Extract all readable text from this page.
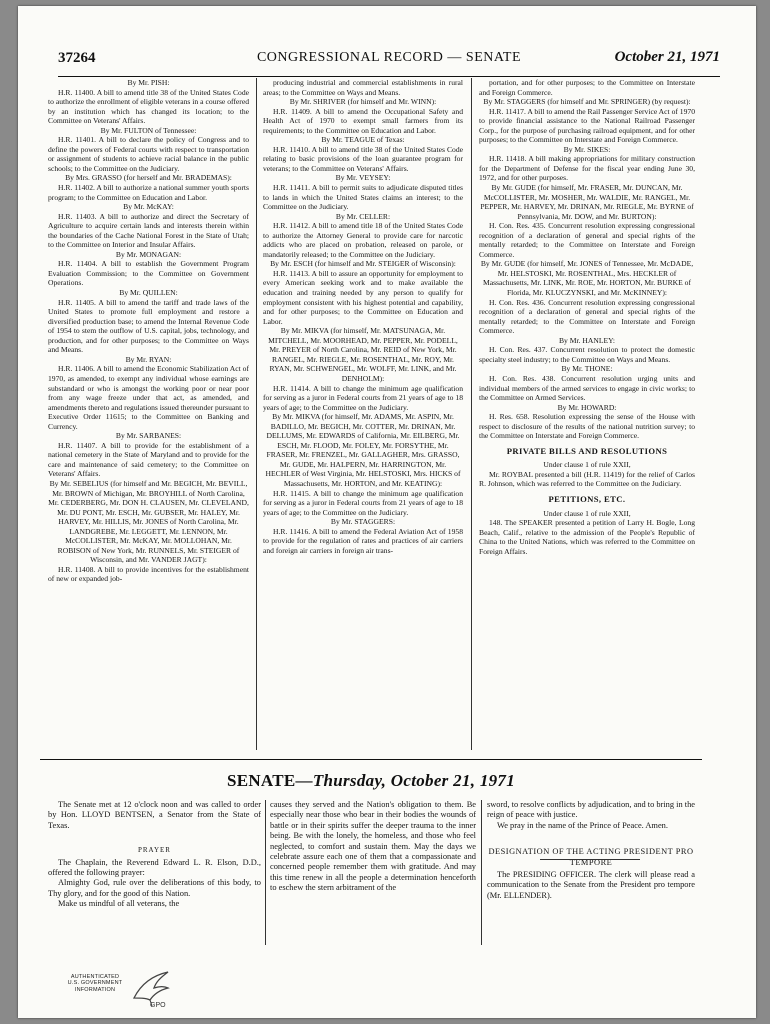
37264	CONGRESSIONAL RECORD — SENATE	October 21, 1971

By Mr. PISH:

H.R. 11400. A bill to amend title 38 of the United States Code to authorize the enrollment of eligible veterans in a course offered by an institution which has changed its location; to the Committee on Veterans' Affairs.

By Mr. FULTON of Tennessee:

H.R. 11401. A bill to declare the policy of Congress and to define the powers of Federal courts with respect to transportation or assignment of students to achieve racial balance in the public schools; to the Committee on the Judiciary.

By Mrs. GRASSO (for herself and Mr. BRADEMAS):

H.R. 11402. A bill to authorize a national summer youth sports program; to the Committee on Education and Labor.

By Mr. McKAY:

H.R. 11403. A bill to authorize and direct the Secretary of Agriculture to acquire certain lands and interests therein within the boundaries of the Cache National Forest in the State of Utah; to the Committee on Interior and Insular Affairs.

By Mr. MONAGAN:

H.R. 11404. A bill to establish the Government Program Evaluation Commission; to the Committee on Government Operations.

By Mr. QUILLEN:

H.R. 11405. A bill to amend the tariff and trade laws of the United States to promote full employment and restore a diversified production base; to amend the Internal Revenue Code of 1954 to stem the outflow of U.S. capital, jobs, technology, and production, and for other purposes; to the Committee on Ways and Means.

By Mr. RYAN:

H.R. 11406. A bill to amend the Economic Stabilization Act of 1970, as amended, to exempt any individual whose earnings are substandard or who is amongst the working poor or near poor from any wage freeze under that act, as amended, and amendments thereto and regulations issued thereunder pursuant to Executive Order 11615; to the Committee on Banking and Currency.

By Mr. SARBANES:

H.R. 11407. A bill to provide for the establishment of a national cemetery in the State of Maryland and to provide for the care and maintenance of said cemetery; to the Committee on Veterans' Affairs.

By Mr. SEBELIUS (for himself and Mr. BEGICH, Mr. BEVILL, Mr. BROWN of Michigan, Mr. BROYHILL of North Carolina, Mr. CEDERBERG, Mr. DON H. CLAUSEN, Mr. CLEVELAND, Mr. DU PONT, Mr. ESCH, Mr. GUBSER, Mr. HALEY, Mr. HARVEY, Mr. HILLIS, Mr. JONES of North Carolina, Mr. LANDGREBE, Mr. LEGGETT, Mr. LENNON, Mr. McCOLLISTER, Mr. McKAY, Mr. MOLLOHAN, Mr. ROBISON of New York, Mr. RUNNELS, Mr. STEIGER of Wisconsin, and Mr. VANDER JAGT):

H.R. 11408. A bill to provide incentives for the establishment of new or expanded job-

producing industrial and commercial establishments in rural areas; to the Committee on Ways and Means.

By Mr. SHRIVER (for himself and Mr. WINN):

H.R. 11409. A bill to amend the Occupational Safety and Health Act of 1970 to exempt small farmers from its requirements; to the Committee on Education and Labor.

By Mr. TEAGUE of Texas:

H.R. 11410. A bill to amend title 38 of the United States Code relating to basic provisions of the loan guarantee program for veterans; to the Committee on Veterans' Affairs.

By Mr. VEYSEY:

H.R. 11411. A bill to permit suits to adjudicate disputed titles to lands in which the United States claims an interest; to the Committee on the Judiciary.

By Mr. CELLER:

H.R. 11412. A bill to amend title 18 of the United States Code to authorize the Attorney General to provide care for narcotic addicts who are placed on probation, released on parole, or mandatorily released; to the Committee on the Judiciary.

By Mr. ESCH (for himself and Mr. STEIGER of Wisconsin):

H.R. 11413. A bill to assure an opportunity for employment to every American seeking work and to make available the education and training needed by any person to qualify for employment consistent with his highest potential and capability, and for other purposes; to the Committee on Education and Labor.

By Mr. MIKVA (for himself, Mr. MATSUNAGA, Mr. MITCHELL, Mr. MOORHEAD, Mr. PEPPER, Mr. PODELL, Mr. PREYER of North Carolina, Mr. REID of New York, Mr. RANGEL, Mr. RIEGLE, Mr. ROSENTHAL, Mr. ROY, Mr. RYAN, Mr. SCHWENGEL, Mr. WOLFF, Mr. LINK, and Mr. DENHOLM):

H.R. 11414. A bill to change the minimum age qualification for serving as a juror in Federal courts from 21 years of age to 18 years of age; to the Committee on the Judiciary.

By Mr. MIKVA (for himself, Mr. ADAMS, Mr. ASPIN, Mr. BADILLO, Mr. BEGICH, Mr. COTTER, Mr. DRINAN, Mr. DELLUMS, Mr. EDWARDS of California, Mr. EILBERG, Mr. ESCH, Mr. FLOOD, Mr. FOLEY, Mr. FORSYTHE, Mr. FRASER, Mr. FRENZEL, Mr. GALLAGHER, Mrs. GRASSO, Mr. GUDE, Mr. HALPERN, Mr. HARRINGTON, Mr. HECHLER of West Virginia, Mr. HELSTOSKI, Mrs. HICKS of Massachusetts, Mr. HORTON, and Mr. KEATING):

H.R. 11415. A bill to change the minimum age qualification for serving as a juror in Federal courts from 21 years of age to 18 years of age; to the Committee on the Judiciary.

By Mr. STAGGERS:

H.R. 11416. A bill to amend the Federal Aviation Act of 1958 to provide for the regulation of rates and practices of air carriers and foreign air carriers in foreign air trans-

portation, and for other purposes; to the Committee on Interstate and Foreign Commerce.

By Mr. STAGGERS (for himself and Mr. SPRINGER) (by request):

H.R. 11417. A bill to amend the Rail Passenger Service Act of 1970 to provide financial assistance to the National Railroad Passenger Corp., for the purpose of purchasing railroad equipment, and for other purposes; to the Committee on Interstate and Foreign Commerce.

By Mr. SIKES:

H.R. 11418. A bill making appropriations for military construction for the Department of Defense for the fiscal year ending June 30, 1972, and for other purposes.

By Mr. GUDE (for himself, Mr. FRASER, Mr. DUNCAN, Mr. McCOLLISTER, Mr. MOSHER, Mr. WALDIE, Mr. RANGEL, Mr. PEPPER, Mr. HARVEY, Mr. DRINAN, Mr. RIEGLE, Mr. BYRNE of Pennsylvania, Mr. DOW, and Mr. BURTON):

H. Con. Res. 435. Concurrent resolution expressing congressional recognition of a declaration of general and special rights of the mentally retarded; to the Committee on Interstate and Foreign Commerce.

By Mr. GUDE (for himself, Mr. JONES of Tennessee, Mr. McDADE, Mr. HELSTOSKI, Mr. ROSENTHAL, Mrs. HECKLER of Massachusetts, Mr. LINK, Mr. ROE, Mr. HORTON, Mr. BURKE of Florida, Mr. KLUCZYNSKI, and Mr. McKINNEY):

H. Con. Res. 436. Concurrent resolution expressing congressional recognition of a declaration of general and special rights of the mentally retarded; to the Committee on Interstate and Foreign Commerce.

By Mr. HANLEY:

H. Con. Res. 437. Concurrent resolution to protect the domestic specialty steel industry; to the Committee on Ways and Means.

By Mr. THONE:

H. Con. Res. 438. Concurrent resolution urging units and individual members of the armed services to engage in civic works; to the Committee on Armed Services.

By Mr. HOWARD:

H. Res. 658. Resolution expressing the sense of the House with respect to disclosure of the results of the national nutrition survey; to the Committee on Interstate and Foreign Commerce.

PRIVATE BILLS AND RESOLUTIONS

Under clause 1 of rule XXII,

Mr. ROYBAL presented a bill (H.R. 11419) for the relief of Carlos R. Johnson, which was referred to the Committee on the Judiciary.

PETITIONS, ETC.

Under clause 1 of rule XXII,

148. The SPEAKER presented a petition of Larry H. Bogle, Long Beach, Calif., relative to the admission of the People's Republic of China to the United Nations, which was referred to the Committee on Foreign Affairs.

SENATE—Thursday, October 21, 1971

The Senate met at 12 o'clock noon and was called to order by Hon. LLOYD BENTSEN, a Senator from the State of Texas.

PRAYER

The Chaplain, the Reverend Edward L. R. Elson, D.D., offered the following prayer:

Almighty God, rule over the deliberations of this body, to Thy glory, and for the good of this Nation.

Make us mindful of all veterans, the

causes they served and the Nation's obligation to them. Be especially near those who bear in their bodies the wounds of battle or in their spirits suffer the deeper trauma to the inner being. Be with the lonely, the homeless, and those who feel neglected, to comfort and sustain them. May the days we celebrate assure each one of them that a compassionate and concerned people remember them with gratitude. And may this time renew in all the people a determination henceforth to eschew the stern arbitrament of the

sword, to resolve conflicts by adjudication, and to bring in the reign of peace with justice.

We pray in the name of the Prince of Peace. Amen.

DESIGNATION OF THE ACTING PRESIDENT PRO TEMPORE

The PRESIDING OFFICER. The clerk will please read a communication to the Senate from the President pro tempore (Mr. ELLENDER).

AUTHENTICATED
U.S. GOVERNMENT
INFORMATION
GPO
